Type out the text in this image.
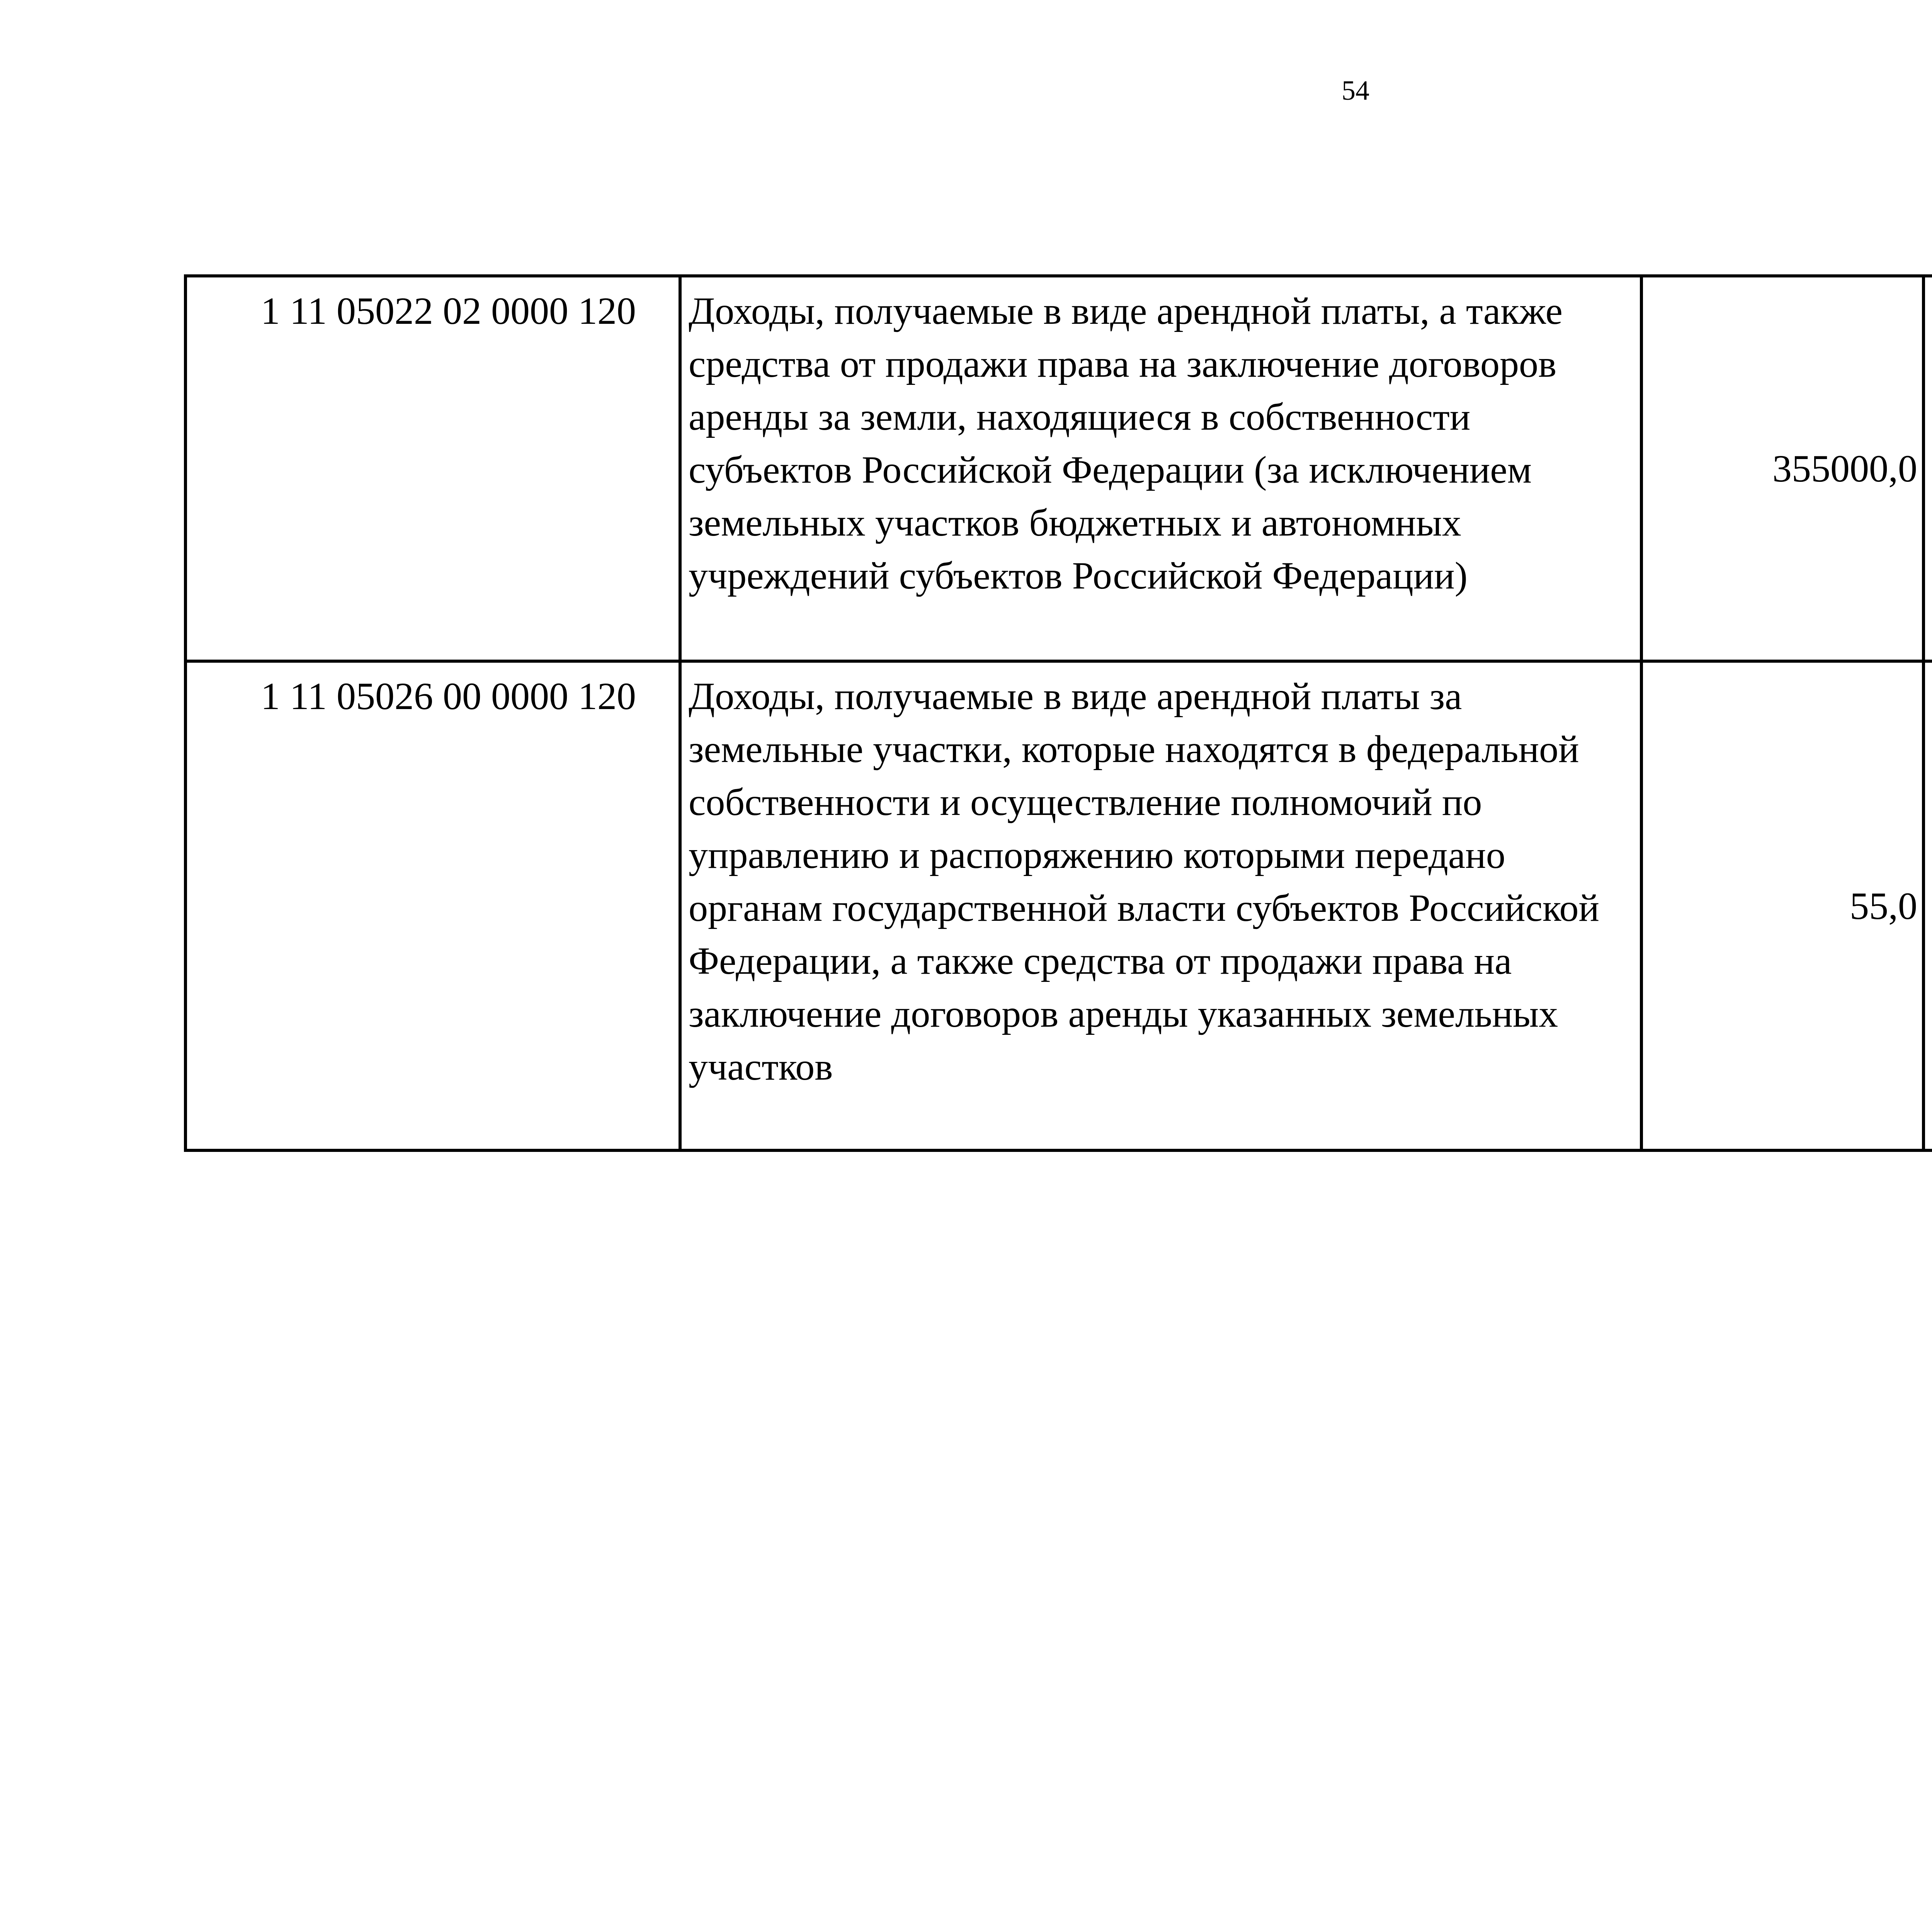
54
1 11 05022 02 0000 120	Доходы, получаемые в виде арендной платы, а также средства от продажи права на заключение договоров аренды за земли, находящиеся в собственности субъектов Российской Федерации (за исключением земельных участков бюджетных и автономных учреждений субъектов Российской Федерации)	355000,0		
1 11 05026 00 0000 120	Доходы, получаемые в виде арендной платы за земельные участки, которые находятся в федеральной собственности и осуществление полномочий по управлению и распоряжению которыми передано органам государственной власти субъектов Российской Федерации, а также средства от продажи права на заключение договоров аренды указанных земельных участков	55,0		
